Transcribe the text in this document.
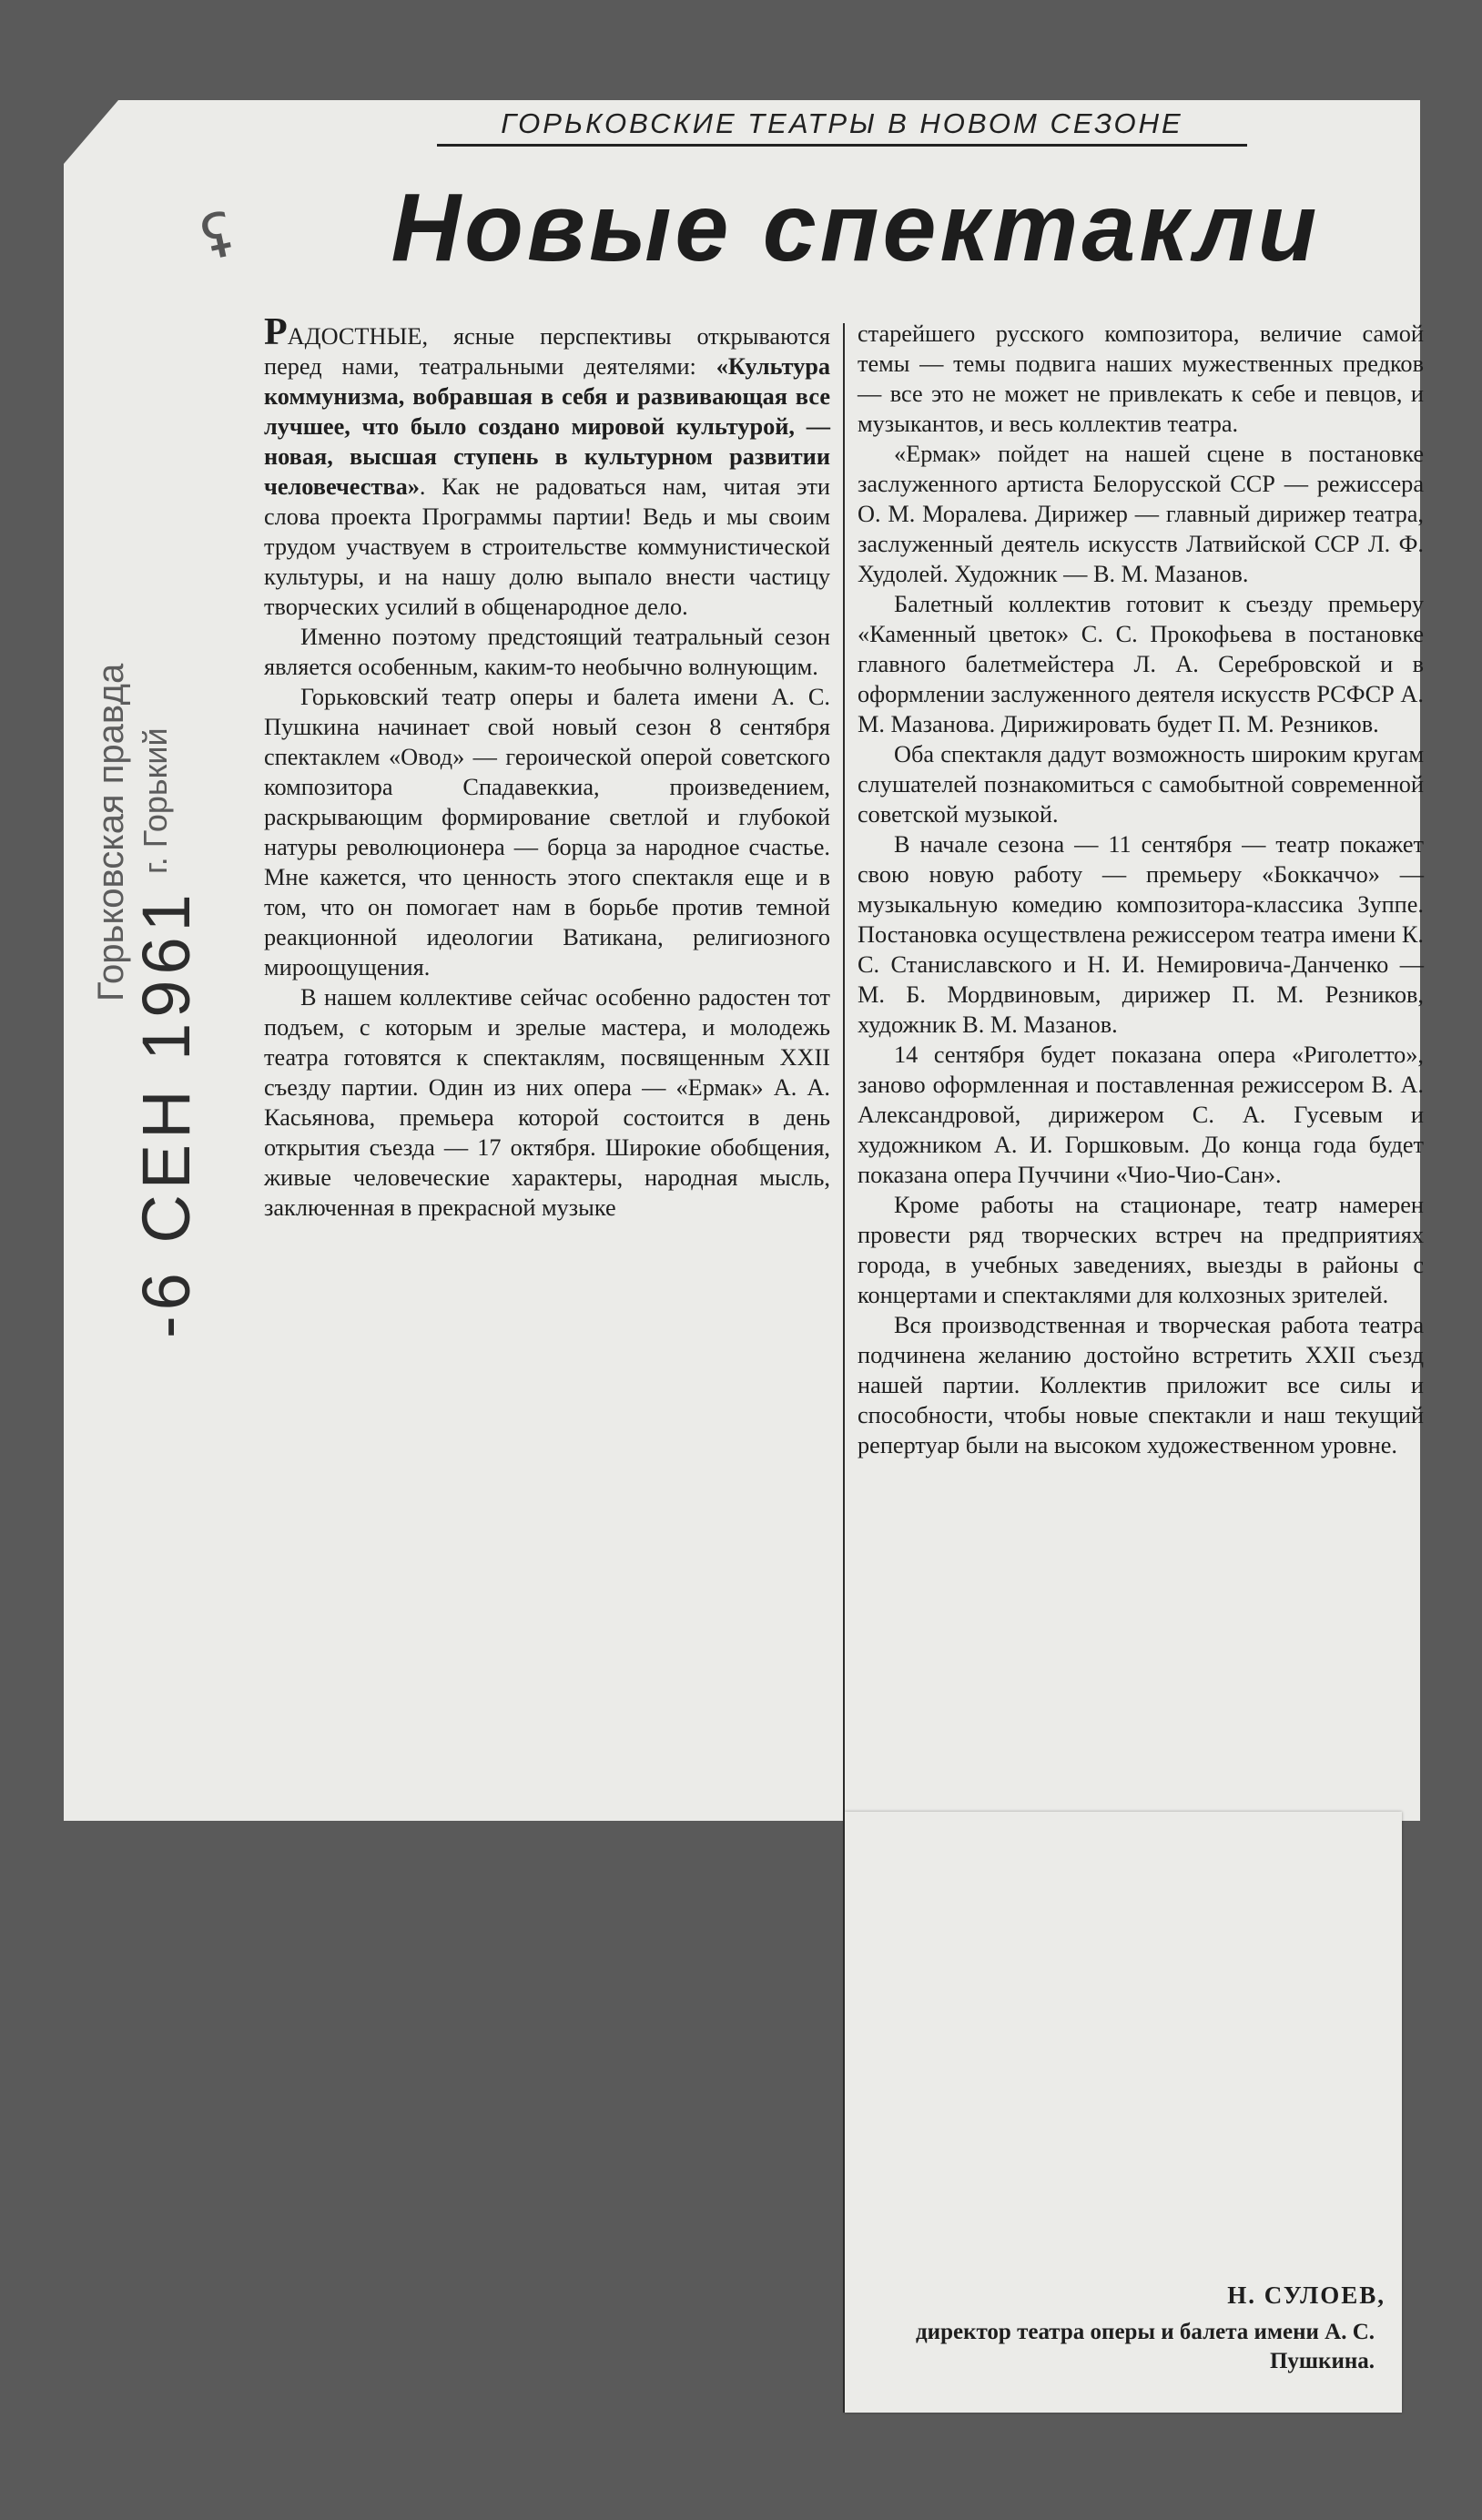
ГОРЬКОВСКИЕ ТЕАТРЫ В НОВОМ СЕЗОНЕ
ʢ	Новые спектакли
Горьковская правда г. Горький
-6 СЕН 1961

РАДОСТНЫЕ, ясные перспективы открываются перед нами, театральными деятелями: «Культура коммунизма, вобравшая в себя и развивающая все лучшее, что было создано мировой культурой, — новая, высшая ступень в культурном развитии человечества». Как не радоваться нам, читая эти слова проекта Программы партии! Ведь и мы своим трудом участвуем в строительстве коммунистической культуры, и на нашу долю выпало внести частицу творческих усилий в общенародное дело.

Именно поэтому предстоящий театральный сезон является особенным, каким-то необычно волнующим.

Горьковский театр оперы и балета имени А. С. Пушкина начинает свой новый сезон 8 сентября спектаклем «Овод» — героической оперой советского композитора Спадавеккиа, произведением, раскрывающим формирование светлой и глубокой натуры революционера — борца за народное счастье. Мне кажется, что ценность этого спектакля еще и в том, что он помогает нам в борьбе против темной реакционной идеологии Ватикана, религиозного мироощущения.

В нашем коллективе сейчас особенно радостен тот подъем, с которым и зрелые мастера, и молодежь театра готовятся к спектаклям, посвященным XXII съезду партии. Один из них опера — «Ермак» А. А. Касьянова, премьера которой состоится в день открытия съезда — 17 октября. Широкие обобщения, живые человеческие характеры, народная мысль, заключенная в прекрасной музыке

старейшего русского композитора, величие самой темы — темы подвига наших мужественных предков — все это не может не привлекать к себе и певцов, и музыкантов, и весь коллектив театра.

«Ермак» пойдет на нашей сцене в постановке заслуженного артиста Белорусской ССР — режиссера О. М. Моралева. Дирижер — главный дирижер театра, заслуженный деятель искусств Латвийской ССР Л. Ф. Худолей. Художник — В. М. Мазанов.

Балетный коллектив готовит к съезду премьеру «Каменный цветок» С. С. Прокофьева в постановке главного балетмейстера Л. А. Серебровской и в оформлении заслуженного деятеля искусств РСФСР А. М. Мазанова. Дирижировать будет П. М. Резников.

Оба спектакля дадут возможность широким кругам слушателей познакомиться с самобытной современной советской музыкой.

В начале сезона — 11 сентября — театр покажет свою новую работу — премьеру «Боккаччо» — музыкальную комедию композитора-классика Зуппе. Постановка осуществлена режиссером театра имени К. С. Станиславского и Н. И. Немировича-Данченко — М. Б. Мордвиновым, дирижер П. М. Резников, художник В. М. Мазанов.

14 сентября будет показана опера «Риголетто», заново оформленная и поставленная режиссером В. А. Александровой, дирижером С. А. Гусевым и художником А. И. Горшковым. До конца года будет показана опера Пуччини «Чио-Чио-Сан».

Кроме работы на стационаре, театр намерен провести ряд творческих встреч на предприятиях города, в учебных заведениях, выезды в районы с концертами и спектаклями для колхозных зрителей.

Вся производственная и творческая работа театра подчинена желанию достойно встретить XXII съезд нашей партии. Коллектив приложит все силы и способности, чтобы новые спектакли и наш текущий репертуар были на высоком художественном уровне.

Н. СУЛОЕВ,
директор театра оперы и балета имени А. С. Пушкина.
